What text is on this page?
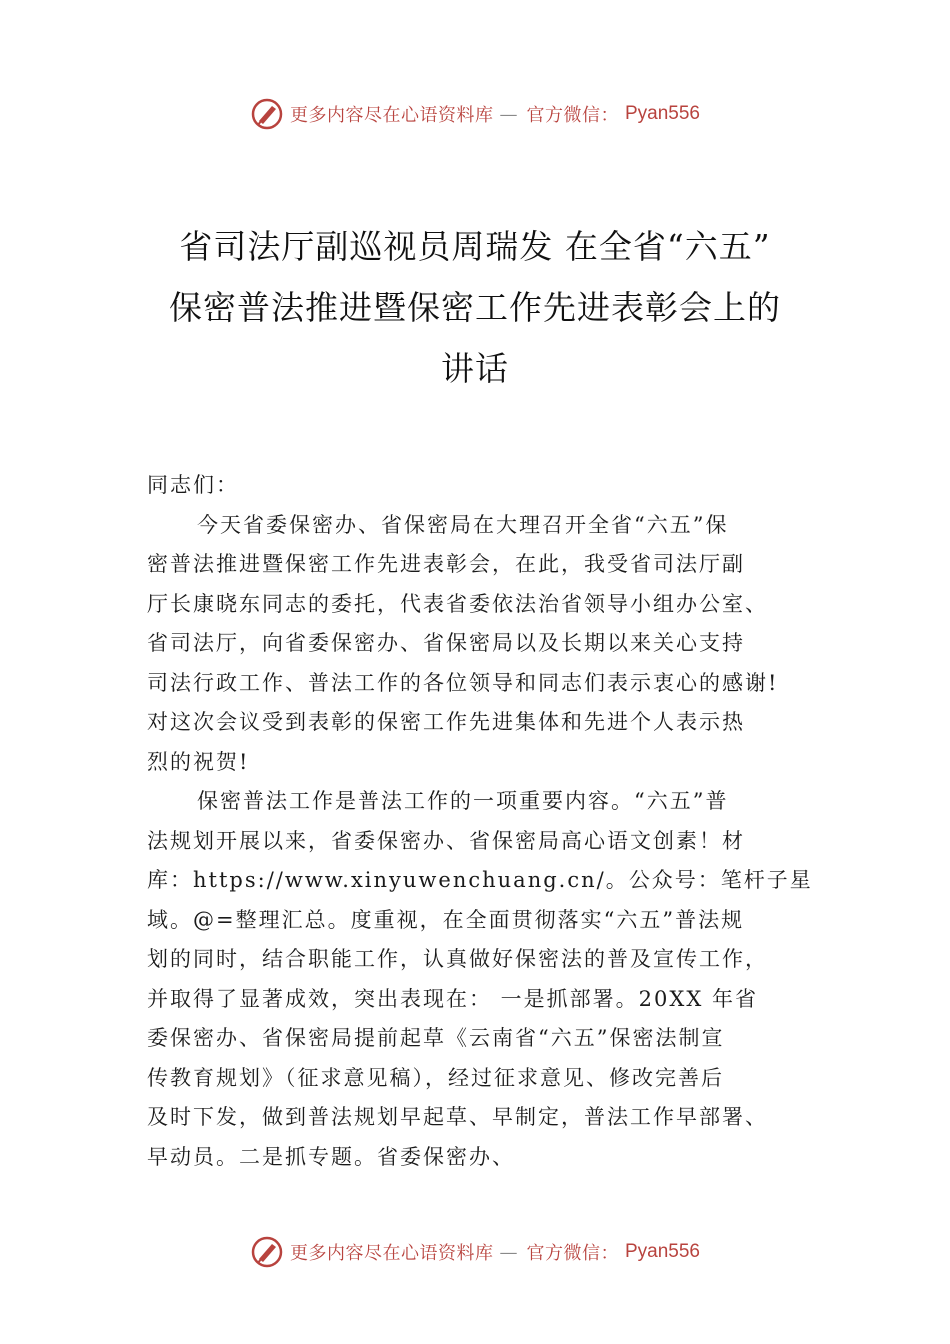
更多内容尽在心语资料库 — 官方微信： Pyan556
省司法厅副巡视员周瑞发 在全省“六五”
保密普法推进暨保密工作先进表彰会上的
讲话
同志们：
今天省委保密办、省保密局在大理召开全省“六五”保
密普法推进暨保密工作先进表彰会，在此，我受省司法厅副
厅长康晓东同志的委托，代表省委依法治省领导小组办公室、
省司法厅，向省委保密办、省保密局以及长期以来关心支持
司法行政工作、普法工作的各位领导和同志们表示衷心的感谢!
对这次会议受到表彰的保密工作先进集体和先进个人表示热
烈的祝贺!
保密普法工作是普法工作的一项重要内容。“六五”普
法规划开展以来，省委保密办、省保密局高心语文创素！材
库：https://www.xinyuwenchuang.cn/。公众号：笔杆子星
域。@=整理汇总。度重视，在全面贯彻落实“六五”普法规
划的同时，结合职能工作，认真做好保密法的普及宣传工作，
并取得了显著成效，突出表现在： 一是抓部署。20XX 年省
委保密办、省保密局提前起草《云南省“六五”保密法制宣
传教育规划》（征求意见稿），经过征求意见、修改完善后
及时下发，做到普法规划早起草、早制定，普法工作早部署、
早动员。二是抓专题。省委保密办、
更多内容尽在心语资料库 — 官方微信： Pyan556
